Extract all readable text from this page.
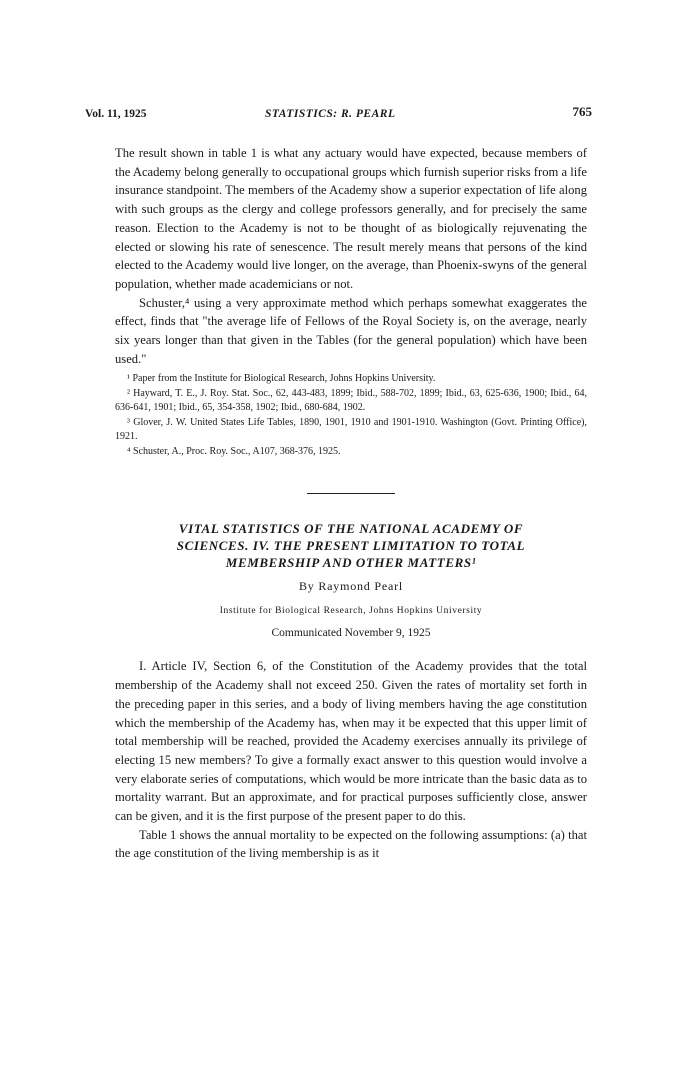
Vol. 11, 1925	STATISTICS: R. PEARL	765

The result shown in table 1 is what any actuary would have expected, because members of the Academy belong generally to occupational groups which furnish superior risks from a life insurance standpoint. The members of the Academy show a superior expectation of life along with such groups as the clergy and college professors generally, and for precisely the same reason. Election to the Academy is not to be thought of as biologically rejuvenating the elected or slowing his rate of senescence. The result merely means that persons of the kind elected to the Academy would live longer, on the average, than Phoenix-swyns of the general population, whether made academicians or not.

Schuster,⁴ using a very approximate method which perhaps somewhat exaggerates the effect, finds that "the average life of Fellows of the Royal Society is, on the average, nearly six years longer than that given in the Tables (for the general population) which have been used."

¹ Paper from the Institute for Biological Research, Johns Hopkins University.

² Hayward, T. E., J. Roy. Stat. Soc., 62, 443-483, 1899; Ibid., 588-702, 1899; Ibid., 63, 625-636, 1900; Ibid., 64, 636-641, 1901; Ibid., 65, 354-358, 1902; Ibid., 680-684, 1902.

³ Glover, J. W. United States Life Tables, 1890, 1901, 1910 and 1901-1910. Washington (Govt. Printing Office), 1921.

⁴ Schuster, A., Proc. Roy. Soc., A107, 368-376, 1925.

VITAL STATISTICS OF THE NATIONAL ACADEMY OF
SCIENCES. IV. THE PRESENT LIMITATION TO TOTAL
MEMBERSHIP AND OTHER MATTERS¹
By Raymond Pearl
Institute for Biological Research, Johns Hopkins University
Communicated November 9, 1925

I. Article IV, Section 6, of the Constitution of the Academy provides that the total membership of the Academy shall not exceed 250. Given the rates of mortality set forth in the preceding paper in this series, and a body of living members having the age constitution which the membership of the Academy has, when may it be expected that this upper limit of total membership will be reached, provided the Academy exercises annually its privilege of electing 15 new members? To give a formally exact answer to this question would involve a very elaborate series of computations, which would be more intricate than the basic data as to mortality warrant. But an approximate, and for practical purposes sufficiently close, answer can be given, and it is the first purpose of the present paper to do this.

Table 1 shows the annual mortality to be expected on the following assumptions: (a) that the age constitution of the living membership is as it
